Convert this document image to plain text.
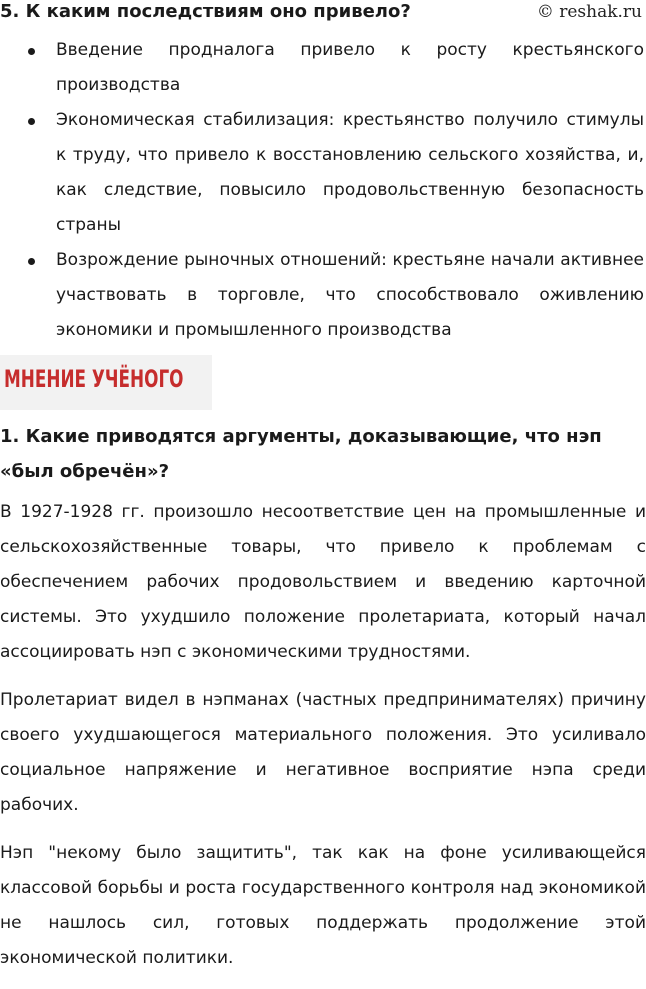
© reshak.ru
5. К каким последствиям оно привело?
Введение продналога привело к росту крестьянского производства
Экономическая стабилизация: крестьянство получило стимулы к труду, что привело к восстановлению сельского хозяйства, и, как следствие, повысило продовольственную безопасность страны
Возрождение рыночных отношений: крестьяне начали активнее участвовать в торговле, что способствовало оживлению экономики и промышленного производства
МНЕНИЕ УЧЁНОГО
1. Какие приводятся аргументы, доказывающие, что нэп «был обречён»?

В 1927-1928 гг. произошло несоответствие цен на промышленные и сельскохозяйственные товары, что привело к проблемам с обеспечением рабочих продовольствием и введению карточной системы. Это ухудшило положение пролетариата, который начал ассоциировать нэп с экономическими трудностями.

Пролетариат видел в нэпманах (частных предпринимателях) причину своего ухудшающегося материального положения. Это усиливало социальное напряжение и негативное восприятие нэпа среди рабочих.

Нэп "некому было защитить", так как на фоне усиливающейся классовой борьбы и роста государственного контроля над экономикой не нашлось сил, готовых поддержать продолжение этой экономической политики.
